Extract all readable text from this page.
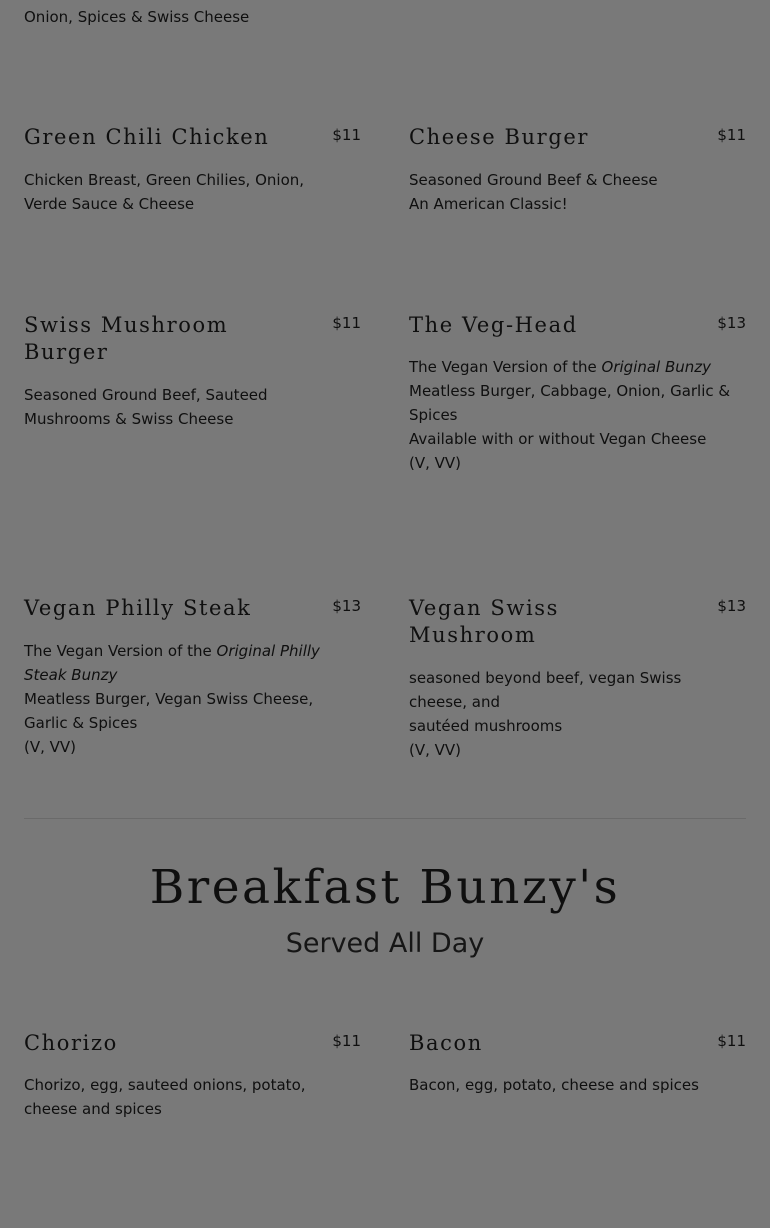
Onion, Spices & Swiss Cheese
Green Chili Chicken	$11
Chicken Breast, Green Chilies, Onion,
Verde Sauce & Cheese
Cheese Burger	$11
Seasoned Ground Beef & Cheese
An American Classic!
Swiss Mushroom Burger
$11
Seasoned Ground Beef, Sauteed
Mushrooms & Swiss Cheese
The Veg-Head	$13
The Vegan Version of the Original Bunzy
Meatless Burger, Cabbage, Onion, Garlic &
Spices
Available with or without Vegan Cheese
(V, VV)
Vegan Philly Steak	$13
The Vegan Version of the Original Philly Steak Bunzy
Meatless Burger, Vegan Swiss Cheese,
Garlic & Spices
(V, VV)
Vegan Swiss Mushroom
$13
seasoned beyond beef, vegan Swiss
cheese, and
sautéed mushrooms
(V, VV)
Breakfast Bunzy's
Served All Day
Chorizo	$11
Chorizo, egg, sauteed onions, potato,
cheese and spices
Bacon	$11
Bacon, egg, potato, cheese and spices
